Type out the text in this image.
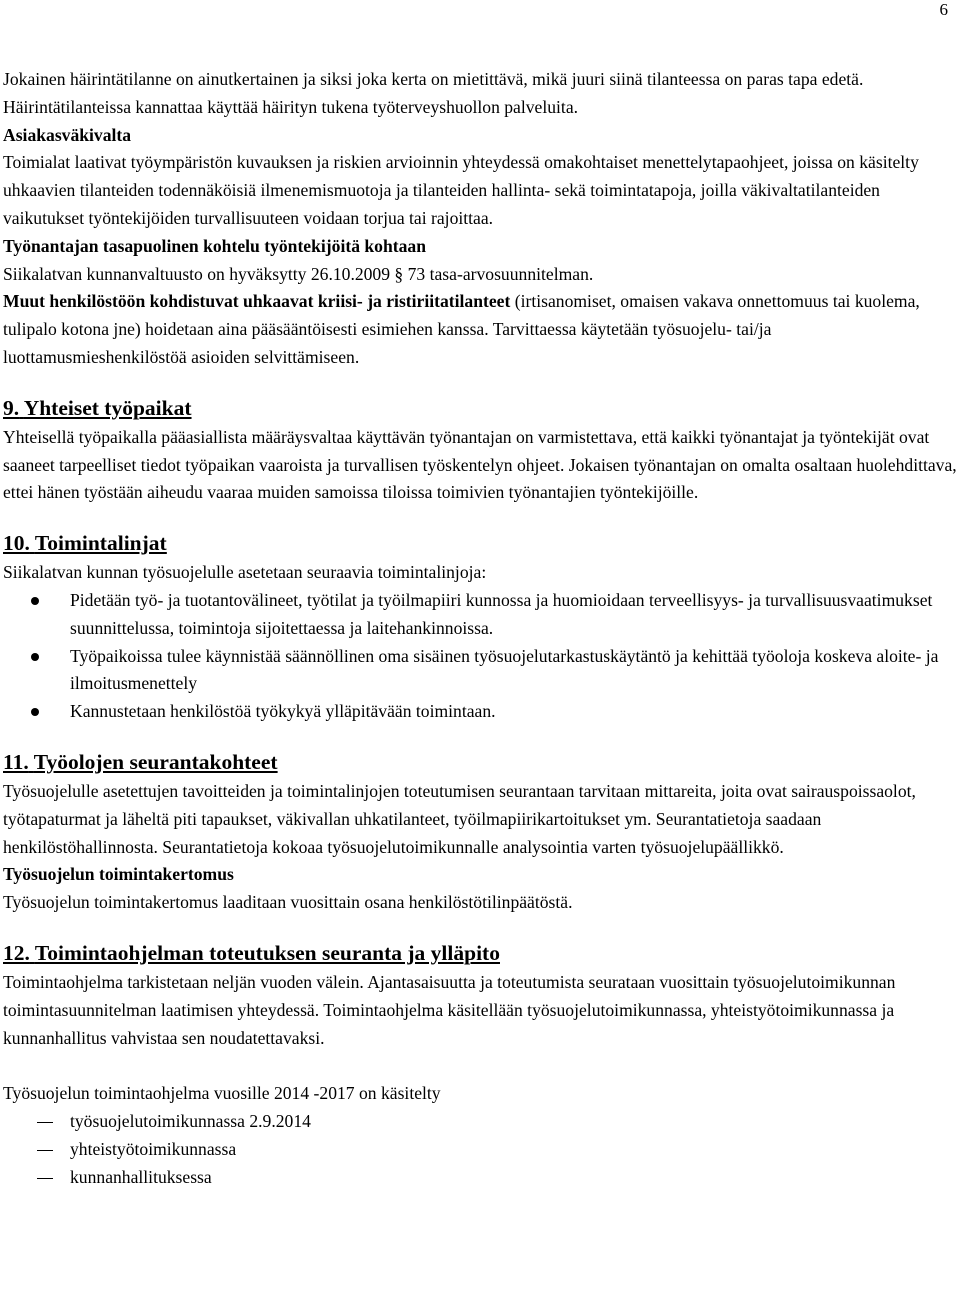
6

Jokainen häirintätilanne on ainutkertainen ja siksi joka kerta on mietittävä, mikä juuri siinä tilanteessa on paras tapa edetä. Häirintätilanteissa kannattaa käyttää häirityn tukena työterveyshuollon palveluita.

Asiakasväkivalta

Toimialat laativat työympäristön kuvauksen ja riskien arvioinnin yhteydessä omakohtaiset menettelytapaohjeet, joissa on käsitelty uhkaavien tilanteiden todennäköisiä ilmenemismuotoja ja tilanteiden hallinta- sekä toimintatapoja, joilla väkivaltatilanteiden vaikutukset työntekijöiden turvallisuuteen voidaan torjua tai rajoittaa.

Työnantajan tasapuolinen kohtelu työntekijöitä kohtaan

Siikalatvan kunnanvaltuusto on hyväksytty 26.10.2009 § 73 tasa-arvosuunnitelman.

Muut henkilöstöön kohdistuvat uhkaavat kriisi- ja ristiriitatilanteet (irtisanomiset, omaisen vakava onnettomuus tai kuolema, tulipalo kotona jne) hoidetaan aina pääsääntöisesti esimiehen kanssa. Tarvittaessa käytetään työsuojelu- tai/ja luottamusmieshenkilöstöä asioiden selvittämiseen.

9. Yhteiset työpaikat

Yhteisellä työpaikalla pääasiallista määräysvaltaa käyttävän työnantajan on varmistettava, että kaikki työnantajat ja työntekijät ovat saaneet tarpeelliset tiedot työpaikan vaaroista ja turvallisen työskentelyn ohjeet. Jokaisen työnantajan on omalta osaltaan huolehdittava, ettei hänen työstään aiheudu vaaraa muiden samoissa tiloissa toimivien työnantajien työntekijöille.

10. Toimintalinjat

Siikalatvan kunnan työsuojelulle asetetaan seuraavia toimintalinjoja:

Pidetään työ- ja tuotantovälineet, työtilat ja työilmapiiri kunnossa ja huomioidaan terveellisyys- ja turvallisuusvaatimukset suunnittelussa, toimintoja sijoitettaessa ja laitehankinnoissa.
Työpaikoissa tulee käynnistää säännöllinen oma sisäinen työsuojelutarkastuskäytäntö ja kehittää työoloja koskeva aloite- ja ilmoitusmenettely
Kannustetaan henkilöstöä työkykyä ylläpitävään toimintaan.
11. Työolojen seurantakohteet

Työsuojelulle asetettujen tavoitteiden ja toimintalinjojen toteutumisen seurantaan tarvitaan mittareita, joita ovat sairauspoissaolot, työtapaturmat ja läheltä piti tapaukset, väkivallan uhkatilanteet, työilmapiirikartoitukset ym. Seurantatietoja saadaan henkilöstöhallinnosta. Seurantatietoja kokoaa työsuojelutoimikunnalle analysointia varten työsuojelupäällikkö.

Työsuojelun toimintakertomus

Työsuojelun toimintakertomus laaditaan vuosittain osana henkilöstötilinpäätöstä.

12. Toimintaohjelman toteutuksen seuranta ja ylläpito

Toimintaohjelma tarkistetaan neljän vuoden välein. Ajantasaisuutta ja toteutumista seurataan vuosittain työsuojelutoimikunnan toimintasuunnitelman laatimisen yhteydessä. Toimintaohjelma käsitellään työsuojelutoimikunnassa, yhteistyötoimikunnassa ja kunnanhallitus vahvistaa sen noudatettavaksi.

Työsuojelun toimintaohjelma vuosille 2014 -2017 on käsitelty

työsuojelutoimikunnassa 2.9.2014
yhteistyötoimikunnassa
kunnanhallituksessa
